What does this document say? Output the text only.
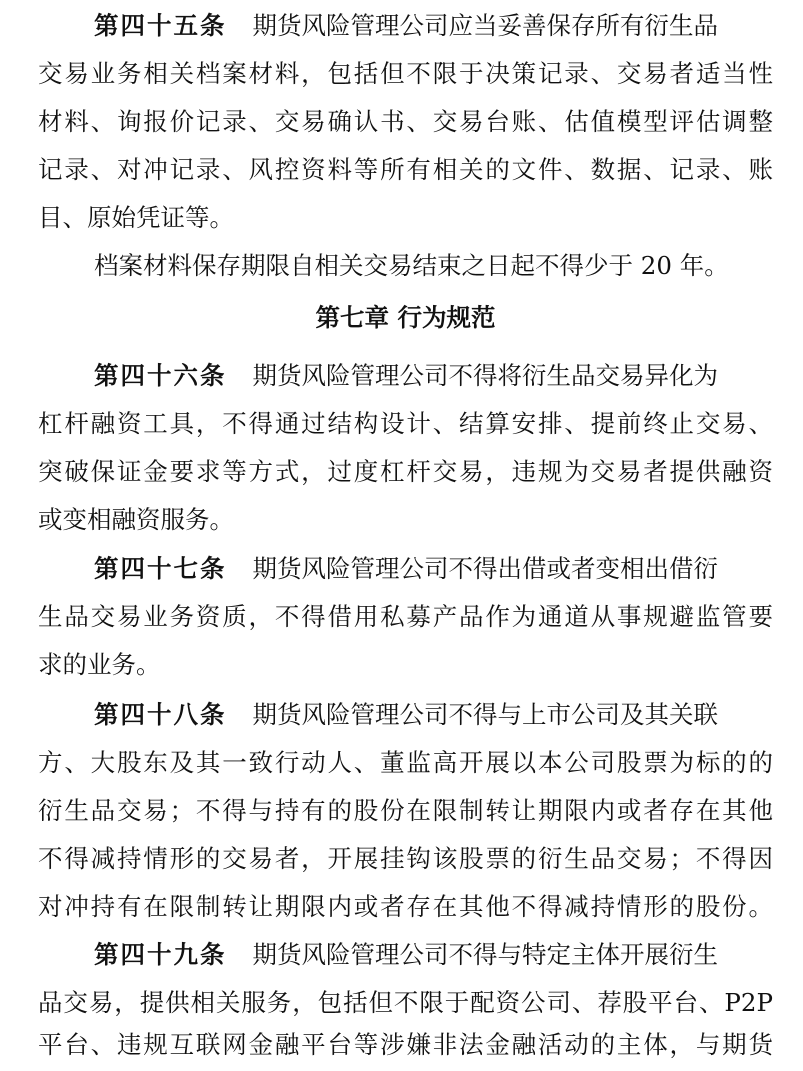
第四十五条 期货风险管理公司应当妥善保存所有衍生品
交易业务相关档案材料，包括但不限于决策记录、交易者适当性
材料、询报价记录、交易确认书、交易台账、估值模型评估调整
记录、对冲记录、风控资料等所有相关的文件、数据、记录、账
目、原始凭证等。
档案材料保存期限自相关交易结束之日起不得少于 20 年。
第七章 行为规范
第四十六条 期货风险管理公司不得将衍生品交易异化为
杠杆融资工具，不得通过结构设计、结算安排、提前终止交易、
突破保证金要求等方式，过度杠杆交易，违规为交易者提供融资
或变相融资服务。
第四十七条 期货风险管理公司不得出借或者变相出借衍
生品交易业务资质，不得借用私募产品作为通道从事规避监管要
求的业务。
第四十八条 期货风险管理公司不得与上市公司及其关联
方、大股东及其一致行动人、董监高开展以本公司股票为标的的
衍生品交易；不得与持有的股份在限制转让期限内或者存在其他
不得减持情形的交易者，开展挂钩该股票的衍生品交易；不得因
对冲持有在限制转让期限内或者存在其他不得减持情形的股份。
第四十九条 期货风险管理公司不得与特定主体开展衍生
品交易，提供相关服务，包括但不限于配资公司、荐股平台、P2P
平台、违规互联网金融平台等涉嫌非法金融活动的主体，与期货
